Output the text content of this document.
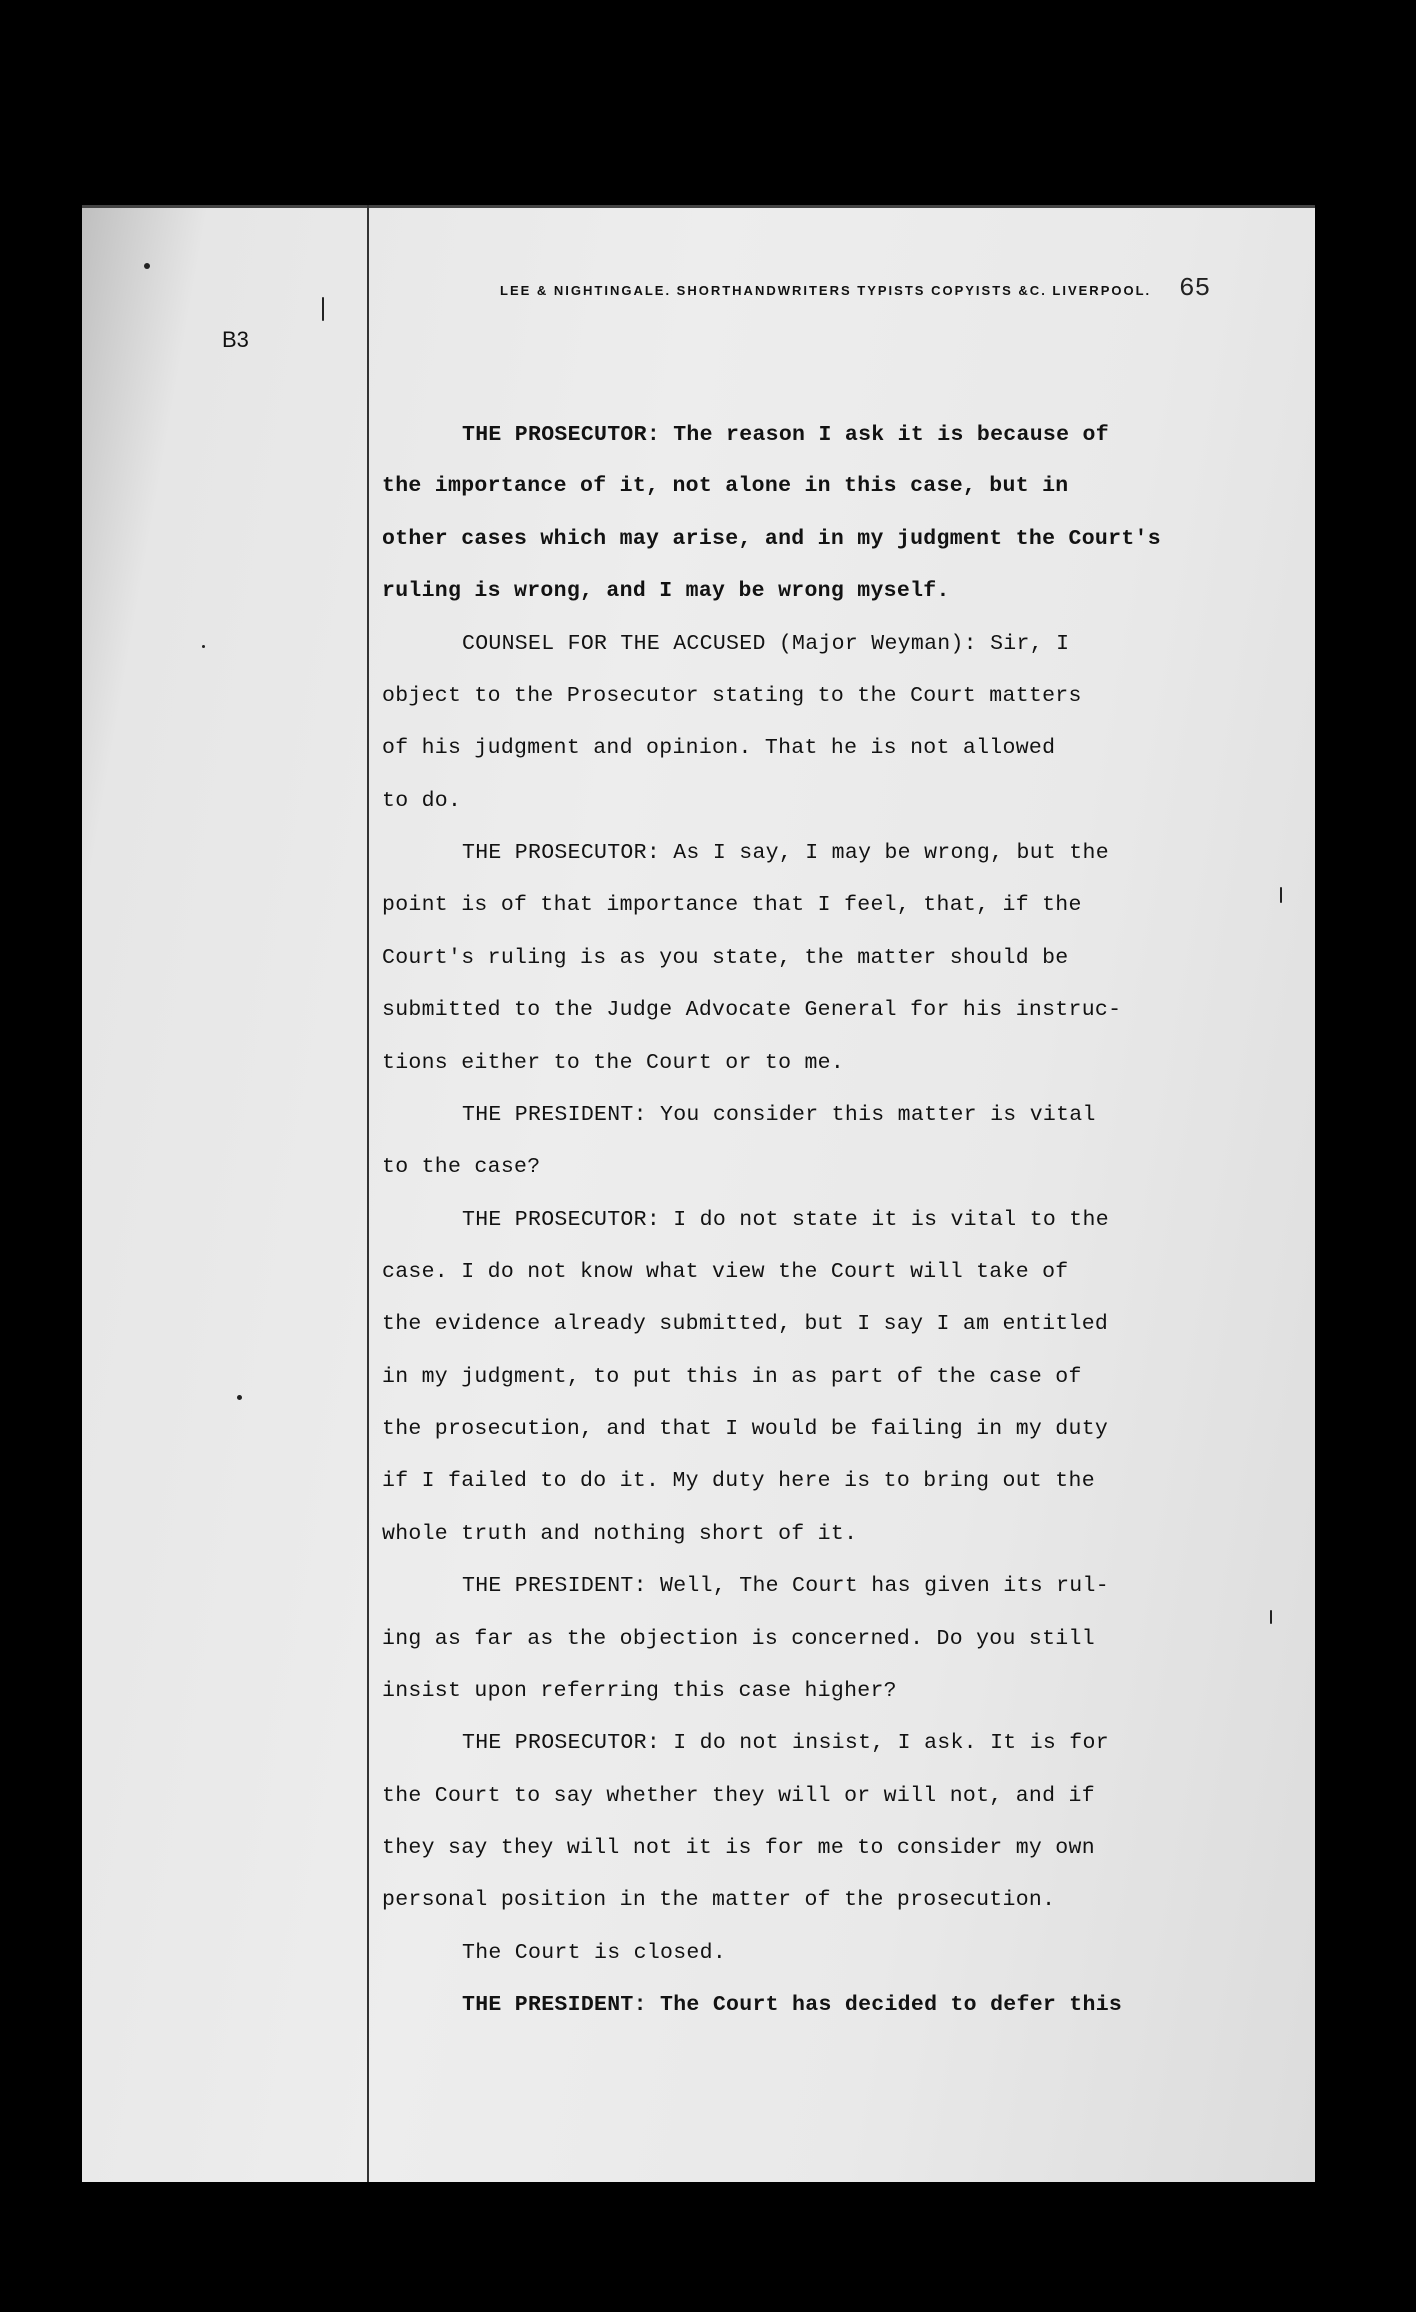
LEE & NIGHTINGALE. SHORTHANDWRITERS TYPISTS COPYISTS &C. LIVERPOOL. 65
B3
THE PROSECUTOR: The reason I ask it is because of
the importance of it, not alone in this case, but in
other cases which may arise, and in my judgment the Court's
ruling is wrong, and I may be wrong myself.
COUNSEL FOR THE ACCUSED (Major Weyman): Sir, I
object to the Prosecutor stating to the Court matters
of his judgment and opinion. That he is not allowed
to do.
THE PROSECUTOR: As I say, I may be wrong, but the
point is of that importance that I feel, that, if the
Court's ruling is as you state, the matter should be
submitted to the Judge Advocate General for his instruc-
tions either to the Court or to me.
THE PRESIDENT: You consider this matter is vital
to the case?
THE PROSECUTOR: I do not state it is vital to the
case. I do not know what view the Court will take of
the evidence already submitted, but I say I am entitled
in my judgment, to put this in as part of the case of
the prosecution, and that I would be failing in my duty
if I failed to do it. My duty here is to bring out the
whole truth and nothing short of it.
THE PRESIDENT: Well, The Court has given its rul-
ing as far as the objection is concerned. Do you still
insist upon referring this case higher?
THE PROSECUTOR: I do not insist, I ask. It is for
the Court to say whether they will or will not, and if
they say they will not it is for me to consider my own
personal position in the matter of the prosecution.
The Court is closed.
THE PRESIDENT: The Court has decided to defer this
